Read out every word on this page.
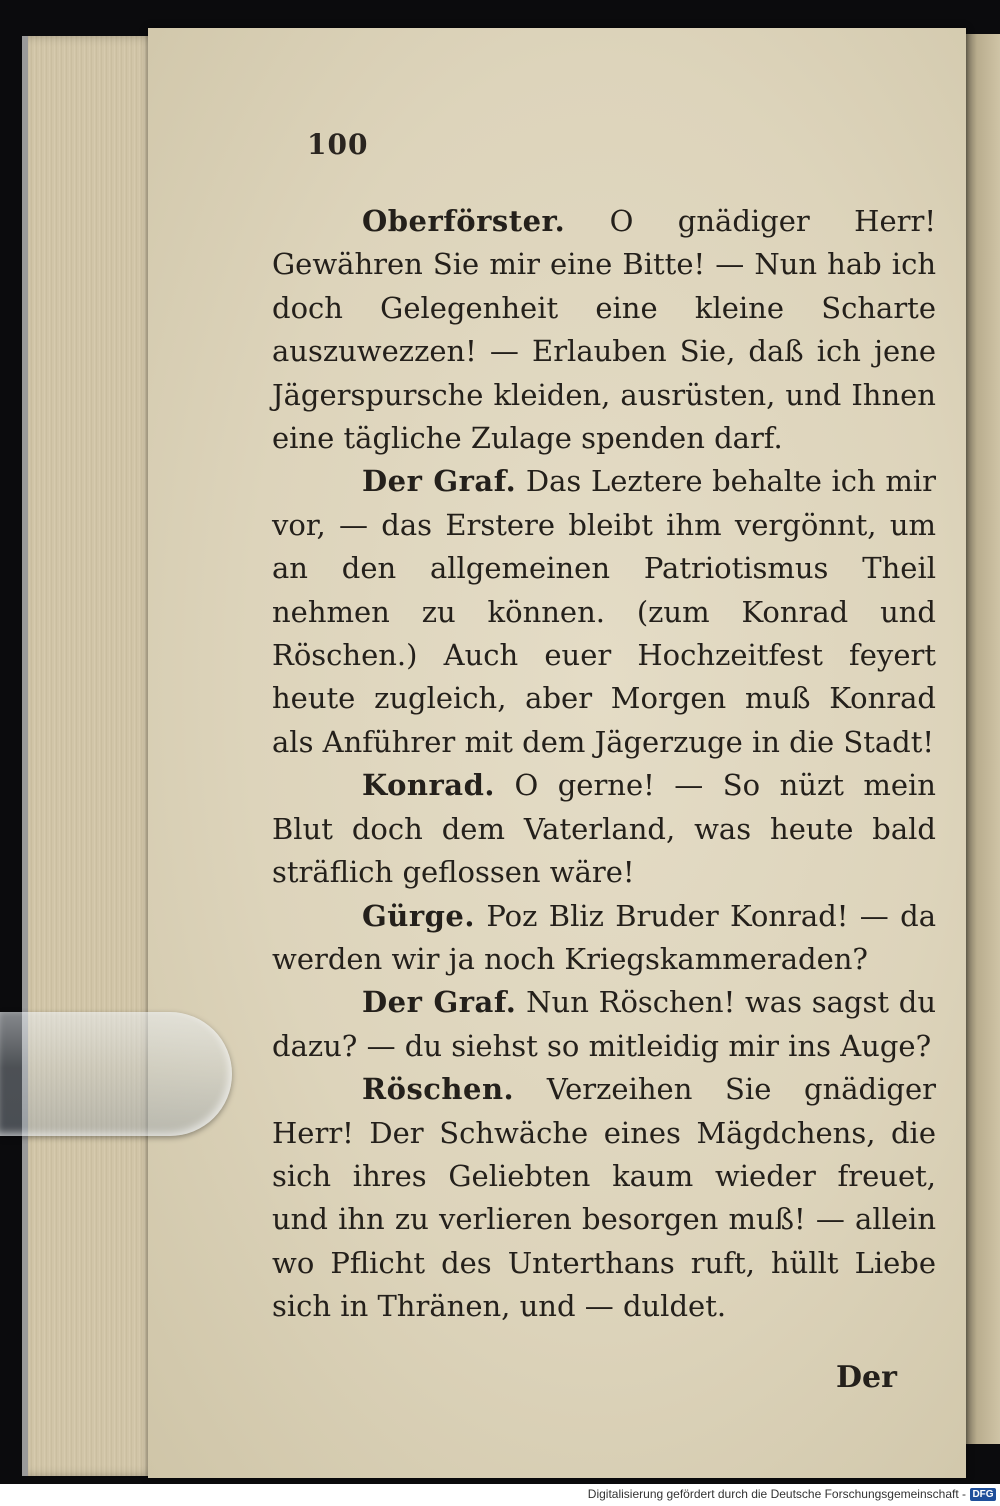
100

Oberförster. O gnädiger Herr! Gewähren Sie mir eine Bitte! — Nun hab ich doch Gelegenheit eine kleine Scharte auszuwezzen! — Erlauben Sie, daß ich jene Jägerspursche kleiden, ausrüsten, und Ihnen eine tägliche Zulage spenden darf.

Der Graf. Das Leztere behalte ich mir vor, — das Erstere bleibt ihm vergönnt, um an den allgemeinen Patriotismus Theil nehmen zu können. (zum Konrad und Röschen.) Auch euer Hochzeitfest feyert heute zugleich, aber Morgen muß Konrad als Anführer mit dem Jägerzuge in die Stadt!

Konrad. O gerne! — So nüzt mein Blut doch dem Vaterland, was heute bald sträflich geflossen wäre!

Gürge. Poz Bliz Bruder Konrad! — da werden wir ja noch Kriegskammeraden?

Der Graf. Nun Röschen! was sagst du dazu? — du siehst so mitleidig mir ins Auge?

Röschen. Verzeihen Sie gnädiger Herr! Der Schwäche eines Mägdchens, die sich ihres Geliebten kaum wieder freuet, und ihn zu verlieren besorgen muß! — allein wo Pflicht des Unterthans ruft, hüllt Liebe sich in Thränen, und — duldet.

Der
Digitalisierung gefördert durch die Deutsche Forschungsgemeinschaft - DFG
